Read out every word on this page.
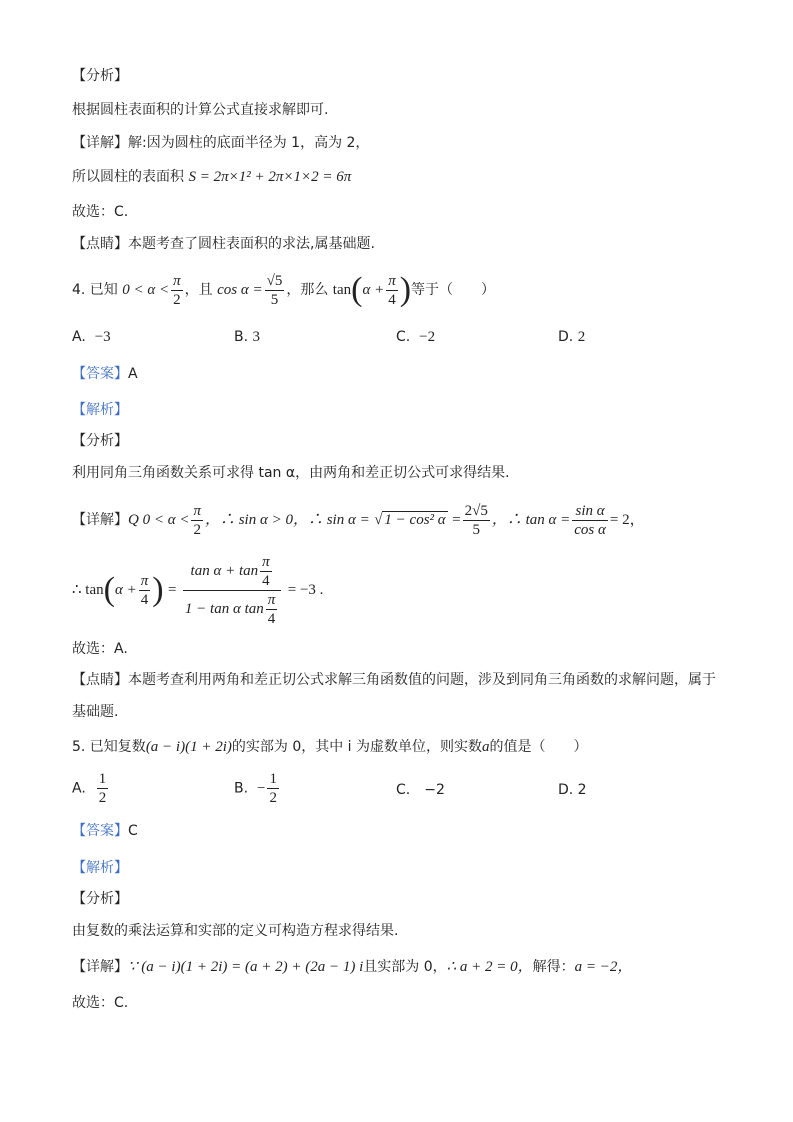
【分析】
根据圆柱表面积的计算公式直接求解即可.
【详解】解:因为圆柱的底面半径为 1，高为 2，
所以圆柱的表面积 S = 2π×1² + 2π×1×2 = 6π
故选：C.
【点睛】本题考查了圆柱表面积的求法,属基础题.
4. 已知 $0 < \alpha < \frac{\pi}{2}$ ，且 $\cos \alpha = \frac{√5}{5}$ ，那么 $\tan(\alpha + \frac{\pi}{4}$ )等于（　　）
A. −3	B. 3	C. −2	D. 2
【答案】A
【解析】
【分析】
利用同角三角函数关系可求得 tan α，由两角和差正切公式可求得结果.
【详解】Q $0 < \alpha < \frac{\pi}{2}$ ，∴ sin α > 0，∴ sin α = √ 1 − cos² $\alpha = \frac{2√5}{5}$ ，∴ $\tan \alpha = \frac{\text{sin α}}{\text{cos α}} = 2$，
∴ $\tan(\alpha + \frac{\pi}{4}$ ) = $\frac{\tan \alpha + \tan \frac{\pi}{4}}{1 - \tan \alpha \tan \frac{\pi}{4}} = -3$ .
故选：A.
【点睛】本题考查利用两角和差正切公式求解三角函数值的问题，涉及到同角三角函数的求解问题，属于
基础题.
5. 已知复数(a − i)(1 + 2i)的实部为 0，其中 i 为虚数单位，则实数a的值是（　　）
A. $\frac{1}{2}$	B. − $\frac{1}{2}$	C.　−2	D. 2
【答案】C
【解析】
【分析】
由复数的乘法运算和实部的定义可构造方程求得结果.
【详解】∵ (a − i)(1 + 2i) = (a + 2) + (2a − 1) i且实部为 0，∴ a + 2 = 0，解得：a = −2，
故选：C.
